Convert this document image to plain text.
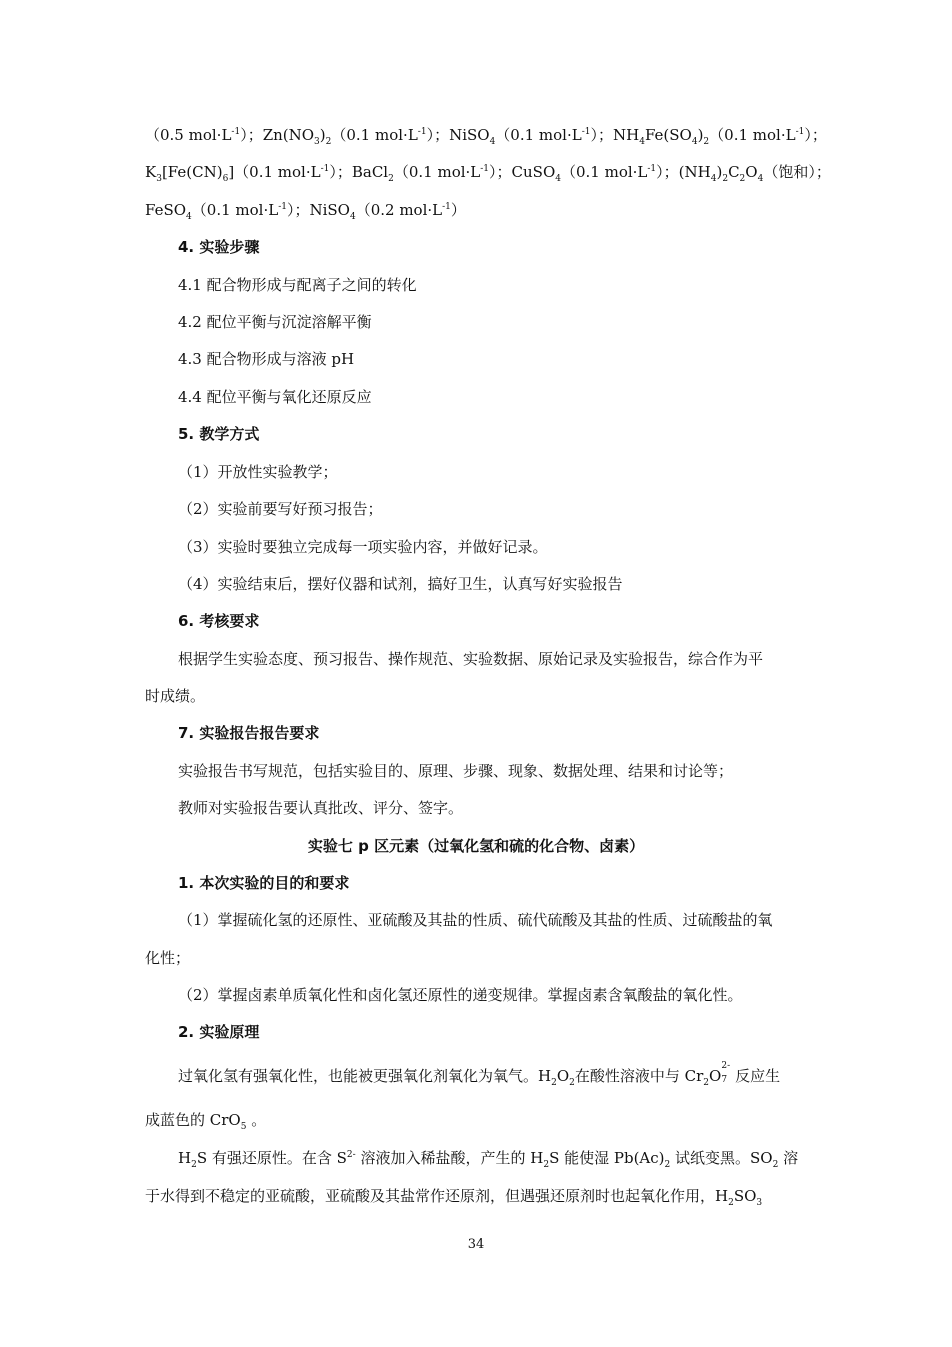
（0.5 $mol\cdot L^{-1}$）；$Zn(NO_3)_2(0.1$ $mol\cdot L^{-1}$）；NiSO$_4$（0.1 $mol\cdot L^{-1}$）；$NH_4Fe(SO_4)_2(0.1$ $mol\cdot L^{-1}$）；
$K_3[Fe(CN)_6](0.1$ $mol\cdot L^{-1}$）；BaCl$_2$（0.1 $mol\cdot L^{-1}$）；CuSO$_4$（0.1 $mol\cdot L^{-1}$）；$(NH_4)_2C_2O_4$（饱和）；
FeSO$_4$（0.1 $mol\cdot L^{-1}$）；NiSO$_4$（0.2 $mol\cdot L^{-1}$）
4. 实验步骤
4.1 配合物形成与配离子之间的转化
4.2 配位平衡与沉淀溶解平衡
4.3 配合物形成与溶液 pH
4.4 配位平衡与氧化还原反应
5. 教学方式
（1）开放性实验教学；
（2）实验前要写好预习报告；
（3）实验时要独立完成每一项实验内容，并做好记录。
（4）实验结束后，摆好仪器和试剂，搞好卫生，认真写好实验报告
6. 考核要求
根据学生实验态度、预习报告、操作规范、实验数据、原始记录及实验报告，综合作为平
时成绩。
7. 实验报告报告要求
实验报告书写规范，包括实验目的、原理、步骤、现象、数据处理、结果和讨论等；
教师对实验报告要认真批改、评分、签字。
实验七 p 区元素（过氧化氢和硫的化合物、卤素）
1. 本次实验的目的和要求
（1）掌握硫化氢的还原性、亚硫酸及其盐的性质、硫代硫酸及其盐的性质、过硫酸盐的氧
化性；
（2）掌握卤素单质氧化性和卤化氢还原性的递变规律。掌握卤素含氧酸盐的氧化性。
2. 实验原理
过氧化氢有强氧化性，也能被更强氧化剂氧化为氧气。$H_2O_2$在酸性溶液中与 $Cr_2O$
2-
7 反应生
成蓝色的 CrO$_5$ 。
$H_2S$ 有强还原性。在含 $S^{2-}$ 溶液加入稀盐酸，产生的 $H_2S$ 能使湿 $Pb(Ac)_2$ 试纸变黑。$SO_2$ 溶
于水得到不稳定的亚硫酸，亚硫酸及其盐常作还原剂，但遇强还原剂时也起氧化作用，$H_2SO_3$
34
